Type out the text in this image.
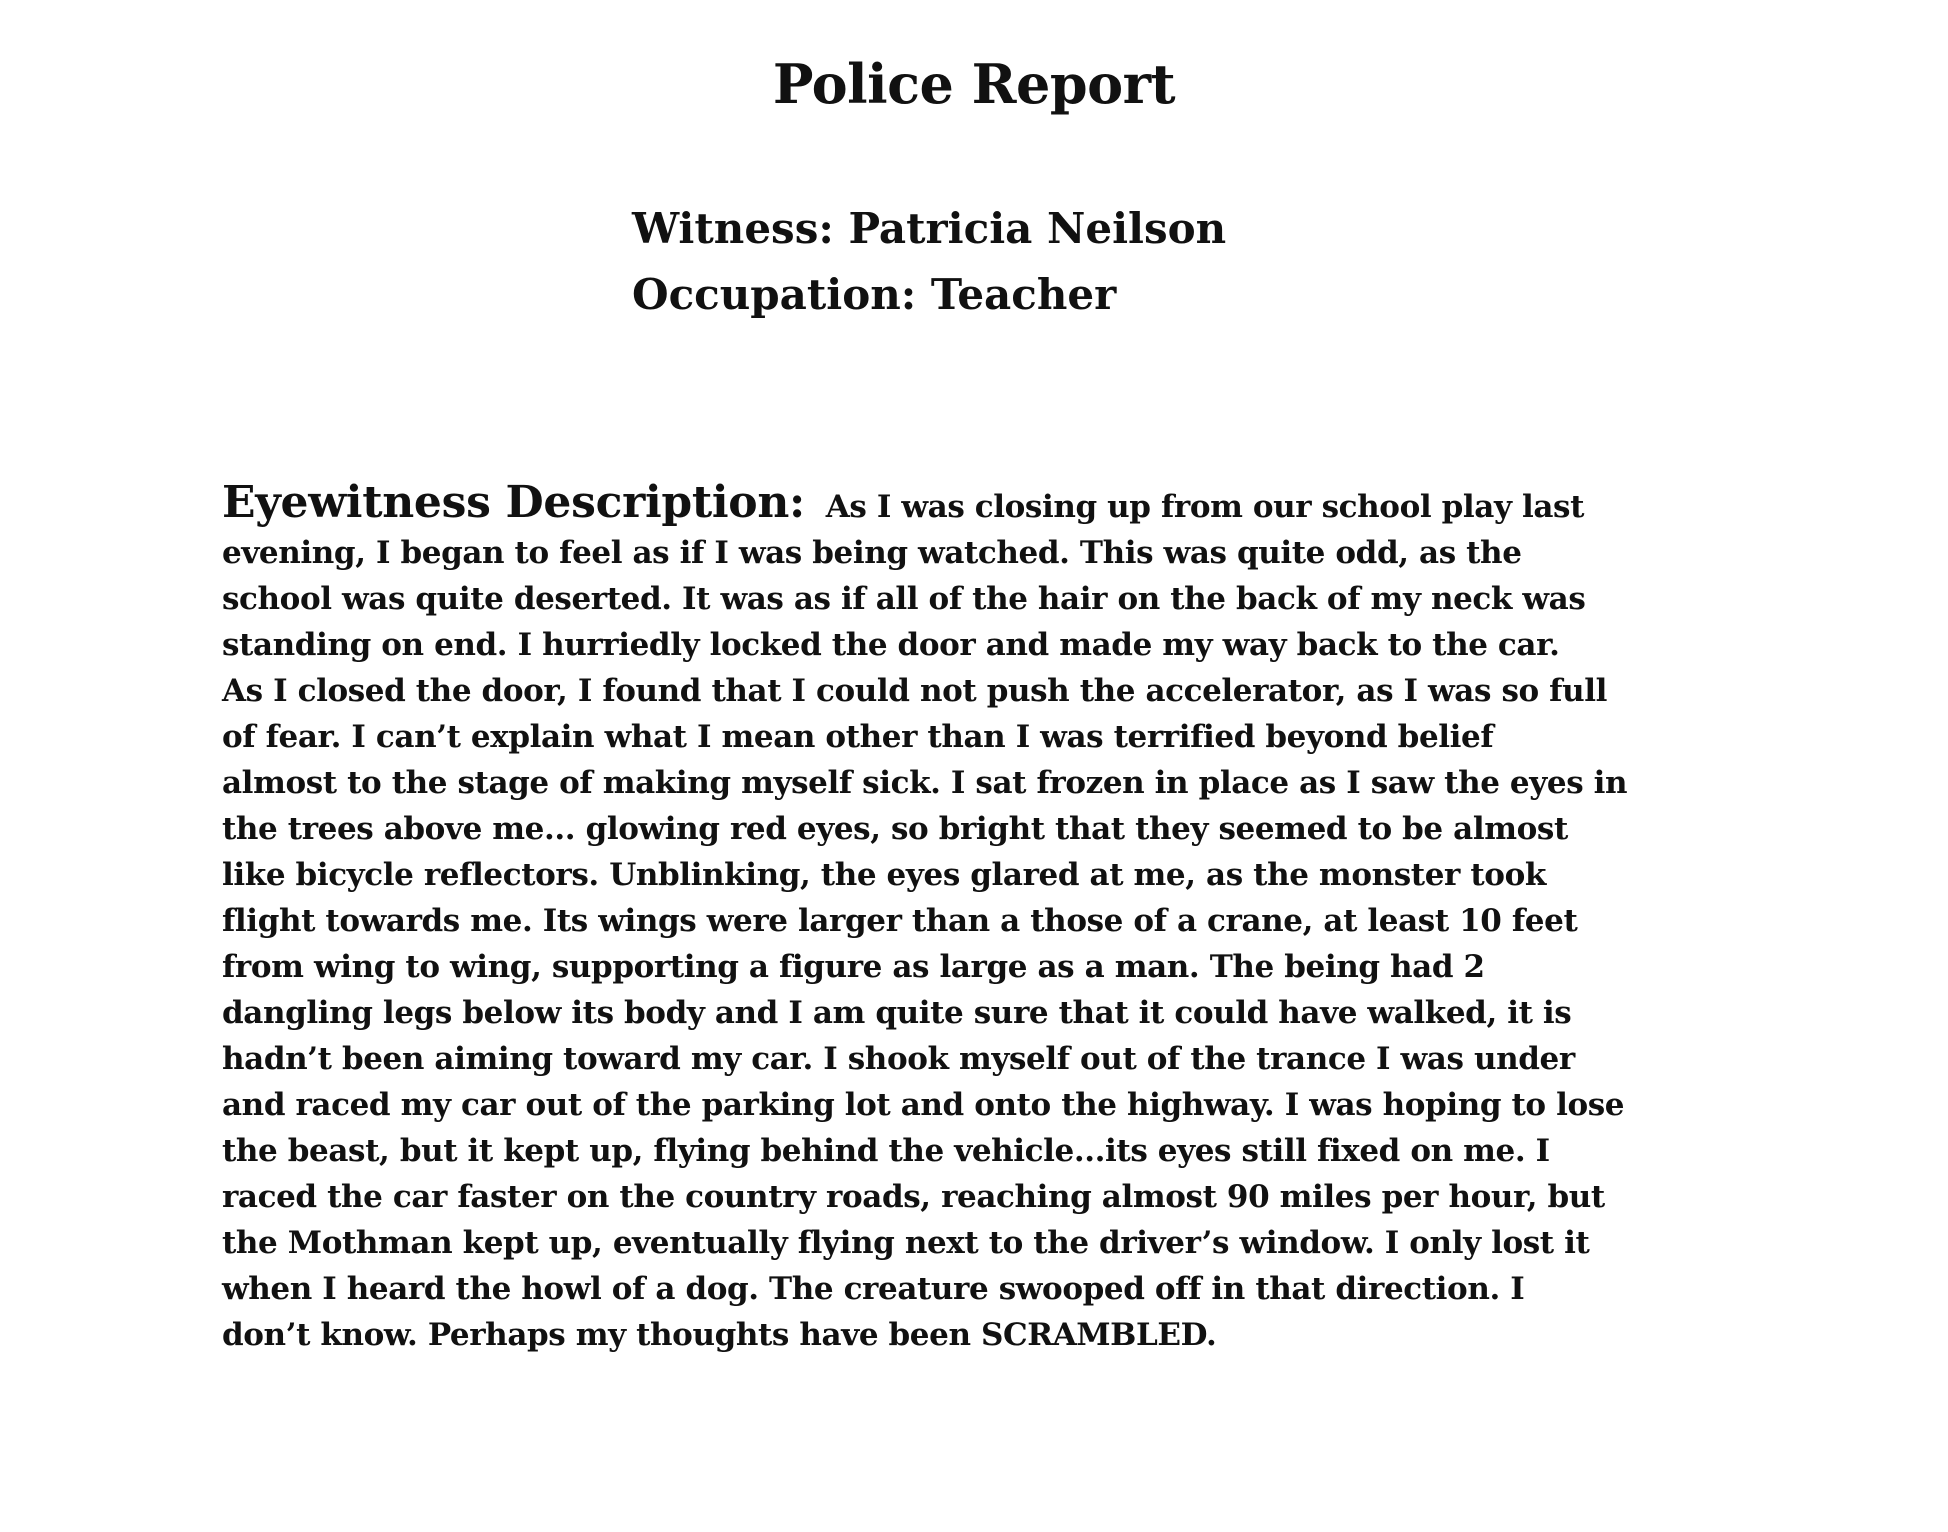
Police Report
Witness: Patricia Neilson
Occupation: Teacher
Eyewitness Description: As I was closing up from our school play last
evening, I began to feel as if I was being watched. This was quite odd, as the
school was quite deserted. It was as if all of the hair on the back of my neck was
standing on end. I hurriedly locked the door and made my way back to the car.
As I closed the door, I found that I could not push the accelerator, as I was so full
of fear. I can’t explain what I mean other than I was terrified beyond belief
almost to the stage of making myself sick. I sat frozen in place as I saw the eyes in
the trees above me... glowing red eyes, so bright that they seemed to be almost
like bicycle reflectors. Unblinking, the eyes glared at me, as the monster took
flight towards me. Its wings were larger than a those of a crane, at least 10 feet
from wing to wing, supporting a figure as large as a man. The being had 2
dangling legs below its body and I am quite sure that it could have walked, it is
hadn’t been aiming toward my car. I shook myself out of the trance I was under
and raced my car out of the parking lot and onto the highway. I was hoping to lose
the beast, but it kept up, flying behind the vehicle...its eyes still fixed on me. I
raced the car faster on the country roads, reaching almost 90 miles per hour, but
the Mothman kept up, eventually flying next to the driver’s window. I only lost it
when I heard the howl of a dog. The creature swooped off in that direction. I
don’t know. Perhaps my thoughts have been SCRAMBLED.
